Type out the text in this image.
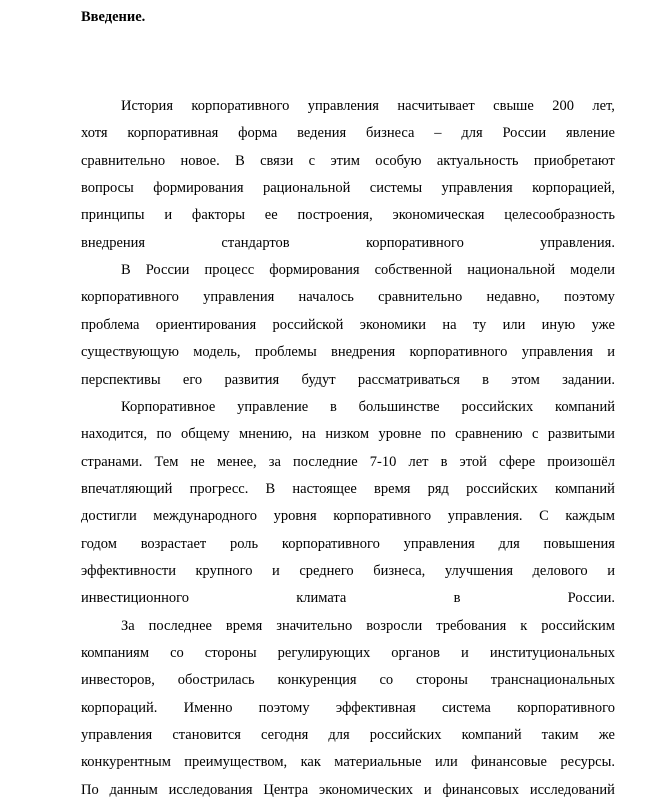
Введение.
История корпоративного управления насчитывает свыше 200 лет,
хотя корпоративная форма ведения бизнеса – для России явление
сравнительно новое. В связи с этим особую актуальность приобретают
вопросы формирования рациональной системы управления корпорацией,
принципы и факторы ее построения, экономическая целесообразность
внедрения	стандартов	корпоративного	управления.
В России процесс формирования собственной национальной модели
корпоративного управления началось сравнительно недавно, поэтому
проблема ориентирования российской экономики на ту или иную уже
существующую модель, проблемы внедрения корпоративного управления и
перспективы его развития будут рассматриваться в этом задании.
Корпоративное управление в большинстве российских компаний
находится, по общему мнению, на низком уровне по сравнению с развитыми
странами. Тем не менее, за последние 7-10 лет в этой сфере произошёл
впечатляющий прогресс. В настоящее время ряд российских компаний
достигли международного уровня корпоративного управления. С каждым
годом возрастает роль корпоративного управления для повышения
эффективности крупного и среднего бизнеса, улучшения делового и
инвестиционного	климата	в	России.
За последнее время значительно возросли требования к российским
компаниям со стороны регулирующих органов и институциональных
инвесторов, обострилась конкуренция со стороны транснациональных
корпораций. Именно поэтому эффективная система корпоративного
управления становится сегодня для российских компаний таким же
конкурентным преимуществом, как материальные или финансовые ресурсы.
По данным исследования Центра экономических и финансовых исследований
